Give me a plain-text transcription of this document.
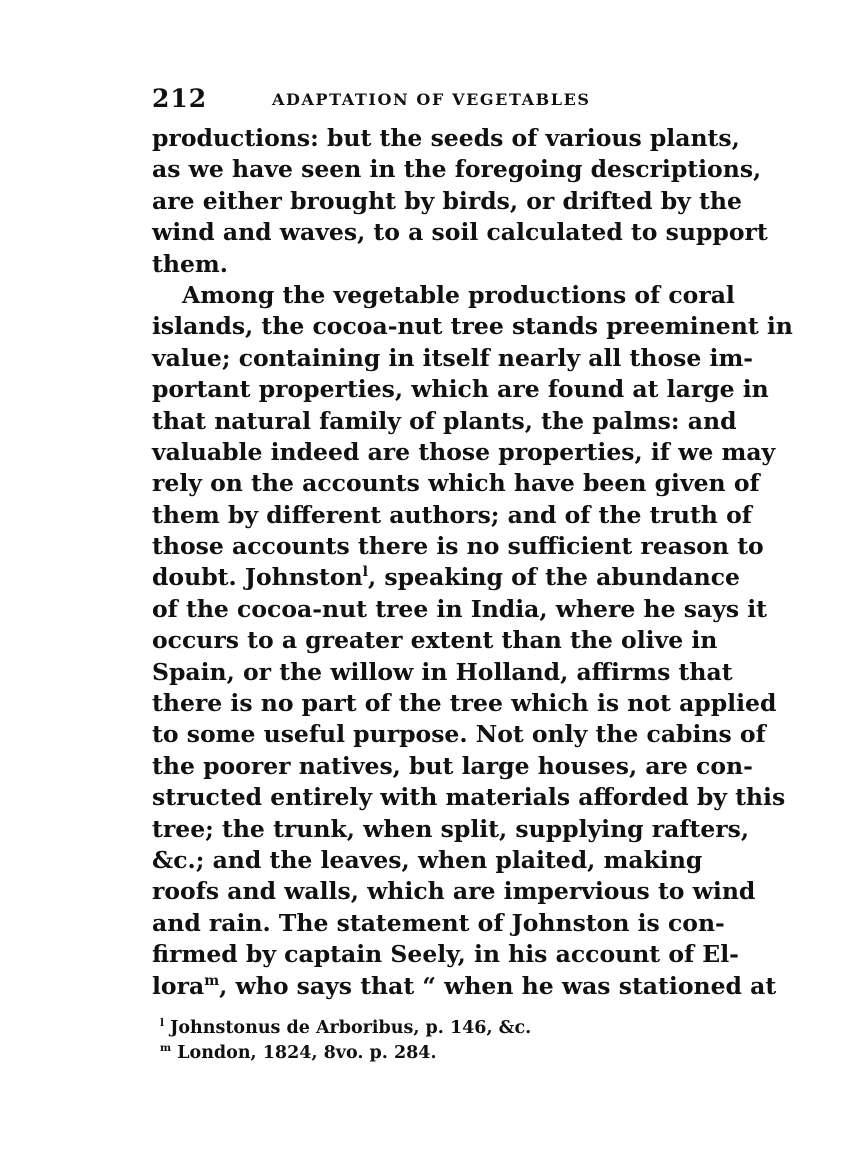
212	ADAPTATION OF VEGETABLES
productions: but the seeds of various plants,
as we have seen in the foregoing descriptions,
are either brought by birds, or drifted by the
wind and waves, to a soil calculated to support
them.
Among the vegetable productions of coral
islands, the cocoa-nut tree stands preeminent in
value; containing in itself nearly all those im-
portant properties, which are found at large in
that natural family of plants, the palms: and
valuable indeed are those properties, if we may
rely on the accounts which have been given of
them by different authors; and of the truth of
those accounts there is no sufficient reason to
doubt. Johnston$^l$, speaking of the abundance
of the cocoa-nut tree in India, where he says it
occurs to a greater extent than the olive in
Spain, or the willow in Holland, affirms that
there is no part of the tree which is not applied
to some useful purpose. Not only the cabins of
the poorer natives, but large houses, are con-
structed entirely with materials afforded by this
tree; the trunk, when split, supplying rafters,
&c.; and the leaves, when plaited, making
roofs and walls, which are impervious to wind
and rain. The statement of Johnston is con-
firmed by captain Seely, in his account of El-
lora$^m$, who says that “ when he was stationed at
$^l$ Johnstonus de Arboribus, p. 146, &c.
$^m$ London, 1824, 8vo. p. 284.
